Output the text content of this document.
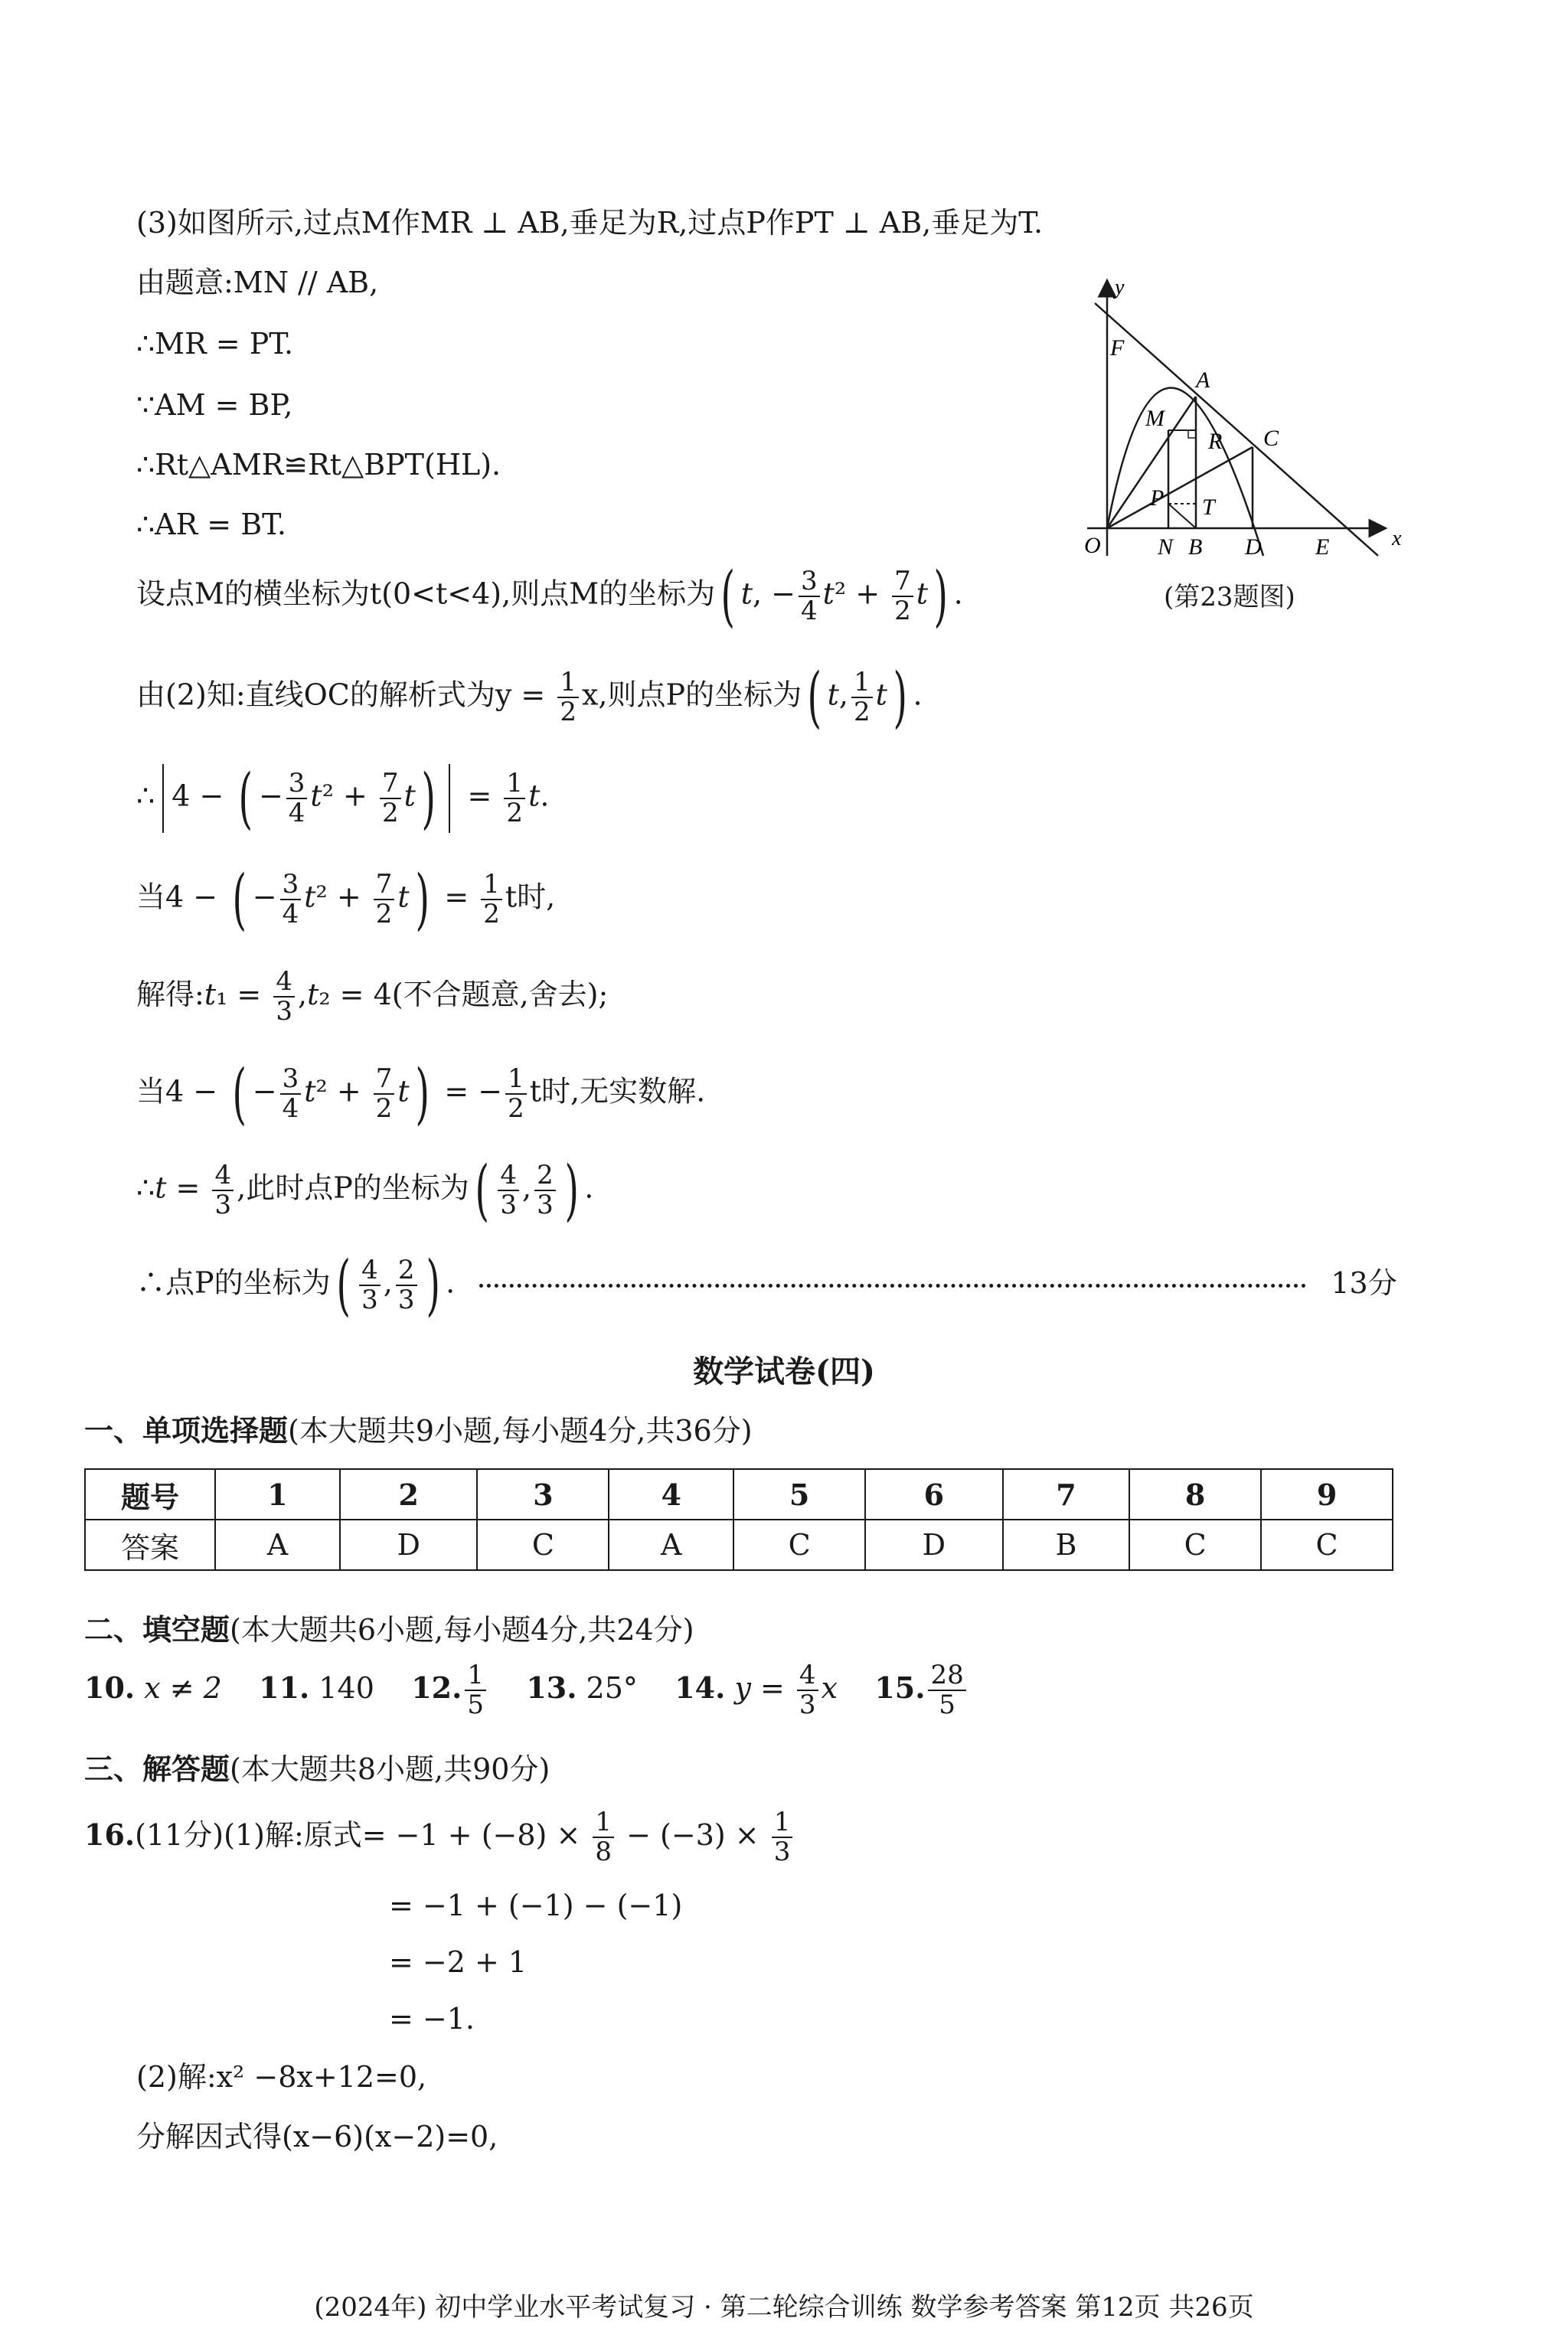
(3)如图所示,过点M作MR ⊥ AB,垂足为R,过点P作PT ⊥ AB,垂足为T.
由题意:MN // AB,
∴MR = PT.
∵AM = BP,
∴Rt△AMR≌Rt△BPT(HL).
∴AR = BT.
设点M的横坐标为t(0<t<4),则点M的坐标为( t, − $\frac{3}{4} t^2 + \frac{7}{2} t$) .
由(2)知:直线OC的解析式为$y = \frac{1}{2} x$,则点P的坐标为( t, $\frac{1}{2} t$) .
∴ 4 − ( − $\frac{3}{4} t^2 + \frac{7}{2} t) = \frac{1}{2} t$.
当4 − ( − $\frac{3}{4} t^2 + \frac{7}{2} t) = \frac{1}{2}$ t时,
解得:t₁ = $\frac{4}{3} ,t_2 = 4$(不合题意,舍去);
当4 − ( − $\frac{3}{4} t^2 + \frac{7}{2} t$) = − $\frac{1}{2}$ t时,无实数解.
∴t = $\frac{4}{3}$ ,此时点P的坐标为( $\frac{4}{3}$ , $\frac{2}{3}$ ) .
∴点P的坐标为( $\frac{4}{3}$ , $\frac{2}{3}$ ) .	13分
y
x
O
F
A
M
R C
P T
N B D E
(第23题图)
数学试卷(四)
一、单项选择题(本大题共9小题,每小题4分,共36分)
题号	1	2	3	4	5	6	7	8	9
答案	A	D	C	A	C	D	B	C	C
二、填空题(本大题共6小题,每小题4分,共24分)
10. x ≠ 2 11. 140 12. $\frac{1}{5} 13$. 25° 14. $y = \frac{4}{3}$ x 15. $\frac{28}{5}$
三、解答题(本大题共8小题,共90分)
16.(11分)(1)解:原式= $-1 + (-8) \times \frac{1}{8} - (-3) \times \frac{1}{3}$
= −1 + (−1) − (−1)
= −2 + 1
= −1.
(2)解:x² −8x+12=0,
分解因式得(x−6)(x−2)=0,
(2024年) 初中学业水平考试复习 · 第二轮综合训练 数学参考答案 第12页 共26页
